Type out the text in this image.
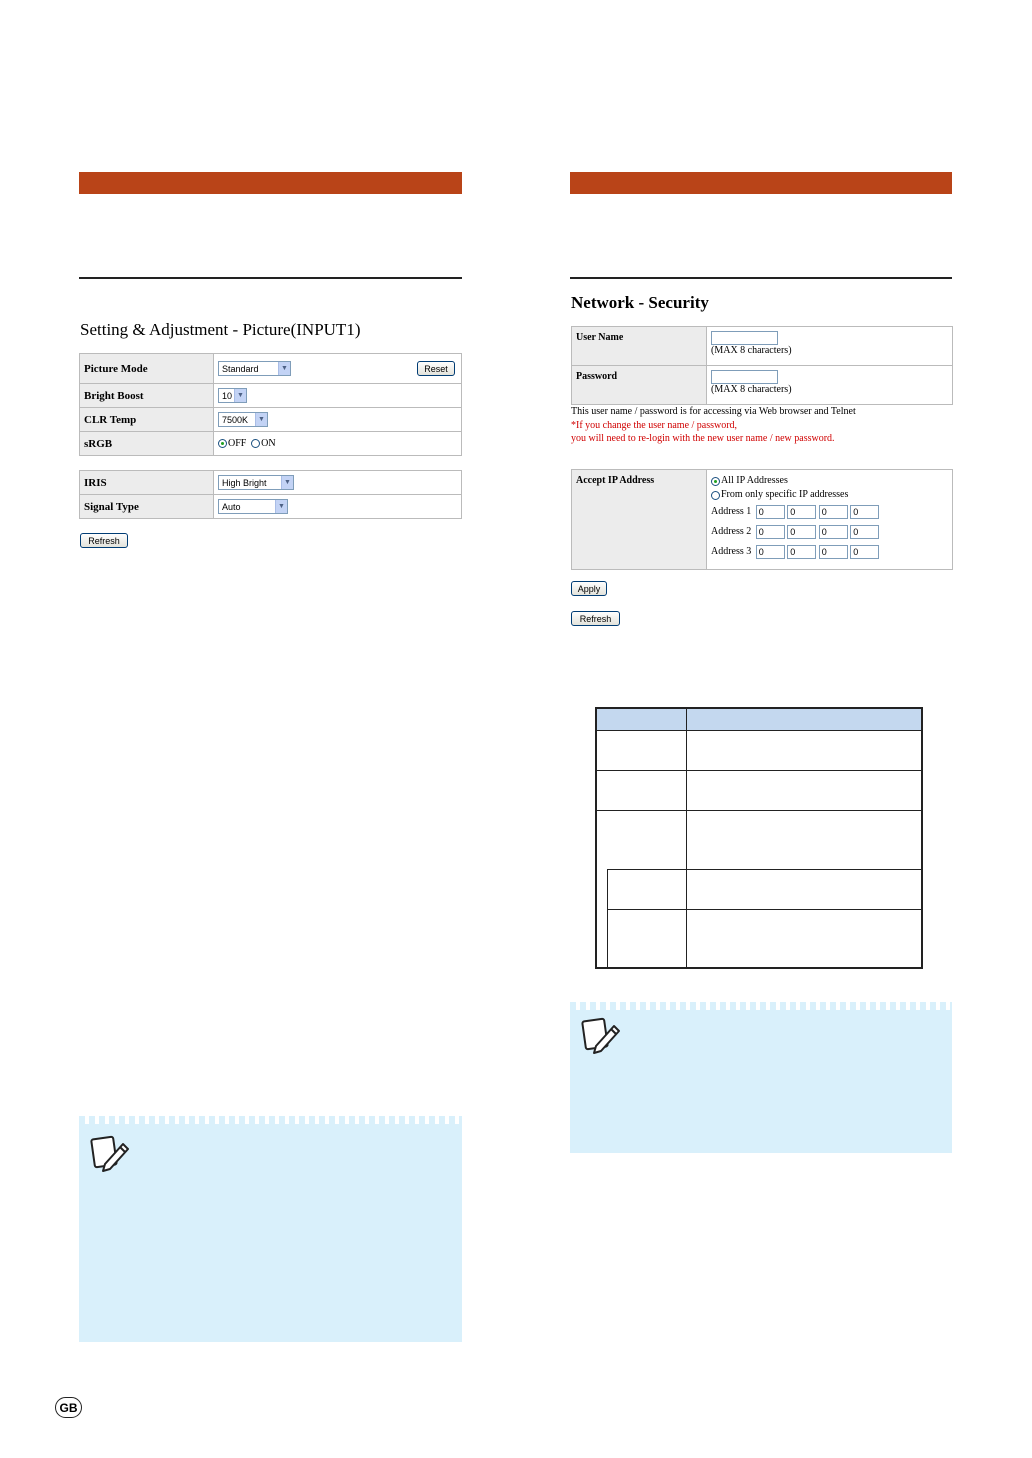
Setting & Adjustment - Picture(INPUT1)
Picture Mode	Standard ▼ Reset

Bright Boost	10 ▼

CLR Temp	7500K ▼

sRGB	OFF ON
IRIS	High Bright ▼

Signal Type	Auto ▼
Refresh
Network - Security
User Name	(MAX 8 characters)
Password	(MAX 8 characters)
This user name / password is for accessing via Web browser and Telnet
*If you change the user name / password,
you will need to re-login with the new user name / new password.
Accept IP Address	All IP Addresses
From only specific IP addresses
Address 1 0	0	0	0
Address 2 0	0	0	0
Address 3 0	0	0	0
Apply
Refresh
GB
